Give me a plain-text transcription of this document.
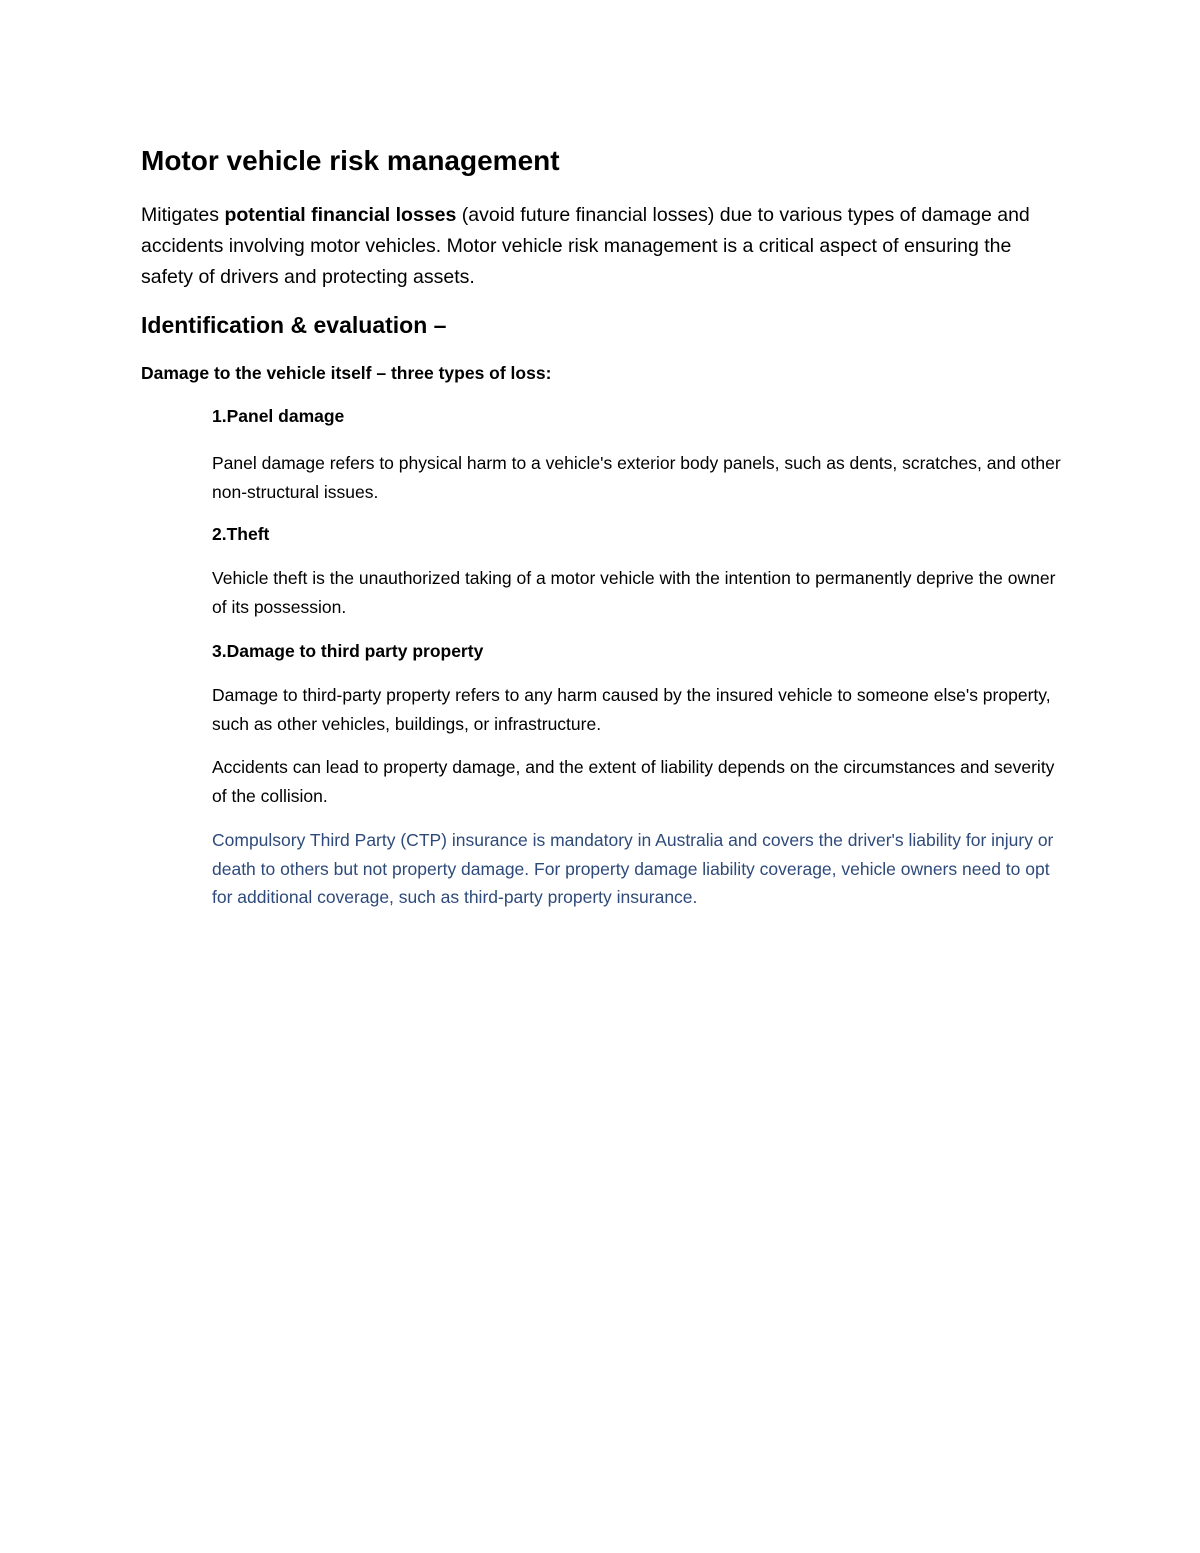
Motor vehicle risk management

Mitigates potential financial losses (avoid future financial losses) due to various types of damage and accidents involving motor vehicles. Motor vehicle risk management is a critical aspect of ensuring the safety of drivers and protecting assets.

Identification & evaluation –

Damage to the vehicle itself – three types of loss:

1.Panel damage

Panel damage refers to physical harm to a vehicle's exterior body panels, such as dents, scratches, and other non-structural issues.

2.Theft

Vehicle theft is the unauthorized taking of a motor vehicle with the intention to permanently deprive the owner of its possession.

3.Damage to third party property

Damage to third-party property refers to any harm caused by the insured vehicle to someone else's property, such as other vehicles, buildings, or infrastructure.

Accidents can lead to property damage, and the extent of liability depends on the circumstances and severity of the collision.

Compulsory Third Party (CTP) insurance is mandatory in Australia and covers the driver's liability for injury or death to others but not property damage. For property damage liability coverage, vehicle owners need to opt for additional coverage, such as third-party property insurance.
